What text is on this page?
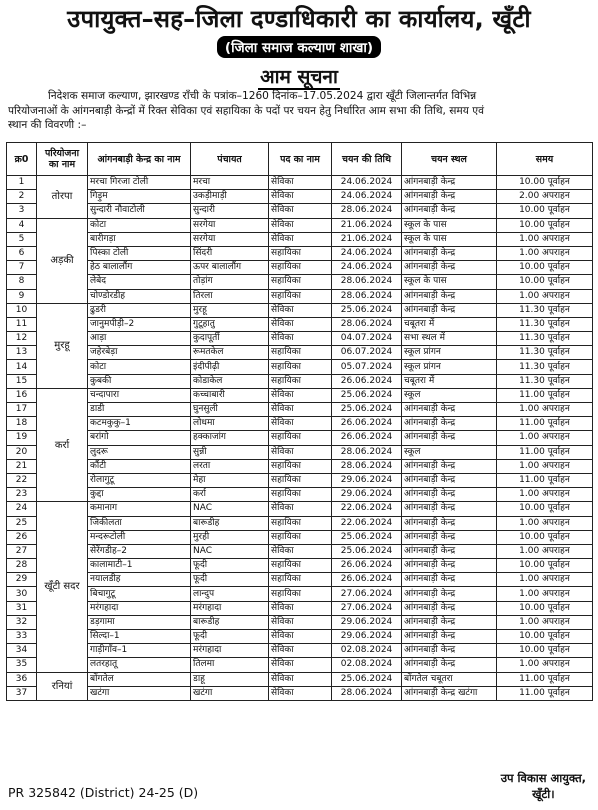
उपायुक्त–सह–जिला दण्डाधिकारी का कार्यालय, खूँटी
(जिला समाज कल्याण शाखा)
आम सूचना
निदेशक समाज कल्याण, झारखण्ड राँची के पत्रांक–1260 दिनांक–17.05.2024 द्वारा खूँटी जिलान्तर्गत विभिन्न
परियोजनाओं के आंगनबाड़ी केन्द्रों में रिक्त सेविका एवं सहायिका के पदों पर चयन हेतु निर्धारित आम सभा की तिथि, समय एवं
स्थान की विवरणी :–
क्र0	परियोजना का नाम	आंगनबाड़ी केन्द्र का नाम	पंचायत	पद का नाम	चयन की तिथि	चयन स्थल	समय
1	तोरपा	मरचा गिरजा टोली	मरचा	सेविका	24.06.2024	आंगनबाड़ी केन्द्र	10.00 पूर्वाहन
2		गिड़ुम	उकड़ीमाड़ी	सेविका	24.06.2024	आंगनबाड़ी केन्द्र	2.00 अपराहन
3		सुन्दारी नौवाटोली	सुन्दारी	सेविका	28.06.2024	आंगनबाड़ी केन्द्र	10.00 पूर्वाहन
4	अड़की	कोटा	सरगेया	सेविका	21.06.2024	स्कूल के पास	10.00 पूर्वाहन
5		बारीगड़ा	सरगेया	सेविका	21.06.2024	स्कूल के पास	1.00 अपराहन
6		पिस्का टोली	सिंदरी	सहायिका	24.06.2024	आंगनबाड़ी केन्द्र	1.00 अपराहन
7		हेठ बालालौंग	ऊपर बालालौंग	सहायिका	24.06.2024	आंगनबाड़ी केन्द्र	10.00 पूर्वाहन
8		लेबेद	तोड़ांग	सहायिका	28.06.2024	स्कूल के पास	10.00 पूर्वाहन
9		चोण्डोरडीह	तिरला	सहायिका	28.06.2024	आंगनबाड़ी केन्द्र	1.00 अपराहन
10	मुरहू	ढुडरी	मुरहू	सेविका	25.06.2024	आंगनबाड़ी केन्द्र	11.30 पूर्वाहन
11		जानुमपीड़ी–2	गुटूहातु	सेविका	28.06.2024	चबूतरा में	11.30 पूर्वाहन
12		आड़ा	कुदापूर्ती	सेविका	04.07.2024	सभा स्थल में	11.30 पूर्वाहन
13		जहेरबेड़ा	रूमतकेल	सहायिका	06.07.2024	स्कूल प्रांगन	11.30 पूर्वाहन
14		कोटा	इंदीपीढ़ी	सहायिका	05.07.2024	स्कूल प्रांगन	11.30 पूर्वाहन
15		कुबकी	कोडाकेल	सहायिका	26.06.2024	चबूतरा में	11.30 पूर्वाहन
16	कर्रा	चन्दापारा	कच्चाबारी	सेविका	25.06.2024	स्कूल	11.00 पूर्वाहन
17		डाडी	घुनसुली	सेविका	25.06.2024	आंगनबाड़ी केन्द्र	1.00 अपराहन
18		कटमकुकु–1	लोधमा	सेविका	26.06.2024	आंगनबाड़ी केन्द्र	11.00 पूर्वाहन
19		बरांगो	हक्काजांग	सहायिका	26.06.2024	आंगनबाड़ी केन्द्र	1.00 अपराहन
20		लुदरू	सुन्नी	सेविका	28.06.2024	स्कूल	11.00 पूर्वाहन
21		कौंटी	लरता	सहायिका	28.06.2024	आंगनबाड़ी केन्द्र	1.00 अपराहन
22		रोलागुटू	मेहा	सहायिका	29.06.2024	आंगनबाड़ी केन्द्र	11.00 पूर्वाहन
23		कुद्दा	कर्रा	सहायिका	29.06.2024	आंगनबाड़ी केन्द्र	1.00 अपराहन
24	खूँटी सदर	कमानाग	NAC	सेविका	22.06.2024	आंगनबाड़ी केन्द्र	10.00 पूर्वाहन
25		जिकीलता	बारूडीह	सहायिका	22.06.2024	आंगनबाड़ी केन्द्र	1.00 अपराहन
26		मन्दरूटोली	मुरही	सहायिका	25.06.2024	आंगनबाड़ी केन्द्र	10.00 पूर्वाहन
27		सेरेंगडीह–2	NAC	सेविका	25.06.2024	आंगनबाड़ी केन्द्र	1.00 अपराहन
28		कालामाटी–1	फूदी	सहायिका	26.06.2024	आंगनबाड़ी केन्द्र	10.00 पूर्वाहन
29		नयालडीह	फूदी	सहायिका	26.06.2024	आंगनबाड़ी केन्द्र	1.00 अपराहन
30		बिचागुटू	लान्दुप	सहायिका	27.06.2024	आंगनबाड़ी केन्द्र	1.00 अपराहन
31		मरंगहादा	मरंगहादा	सेविका	27.06.2024	आंगनबाड़ी केन्द्र	10.00 पूर्वाहन
32		डड़गामा	बारूडीह	सेविका	29.06.2024	आंगनबाड़ी केन्द्र	1.00 अपराहन
33		सिल्दा–1	फूदी	सेविका	29.06.2024	आंगनबाड़ी केन्द्र	10.00 पूर्वाहन
34		गाड़ीगाँव–1	मरंगहादा	सेविका	02.08.2024	आंगनबाड़ी केन्द्र	10.00 पूर्वाहन
35		लतरहातू	तिलमा	सेविका	02.08.2024	आंगनबाड़ी केन्द्र	1.00 अपराहन
36	रनियां	बोंगतेल	डाहू	सेविका	25.06.2024	बोंगतेल चबूतरा	11.00 पूर्वाहन
37		खटंगा	खटंगा	सेविका	28.06.2024	आंगनबाड़ी केन्द्र खटंगा	11.00 पूर्वाहन
PR 325842 (District) 24-25 (D)
उप विकास आयुक्त,
खूँटी।
